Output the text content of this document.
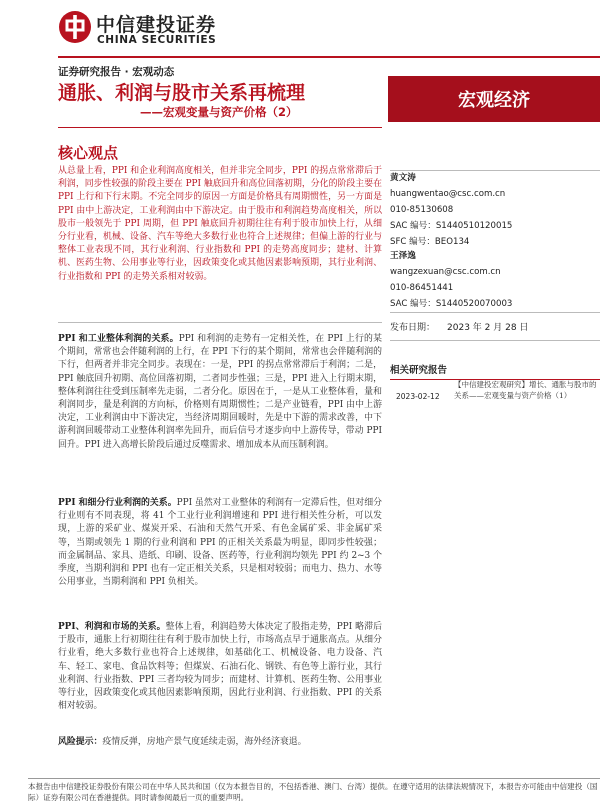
中信建投证券
CHINA SECURITIES
证券研究报告 · 宏观动态
通胀、利润与股市关系再梳理
——宏观变量与资产价格（2）
宏观经济
核心观点
从总量上看，PPI 和企业利润高度相关，但并非完全同步，PPI 的拐点常常滞后于利润，同步性较强的阶段主要在 PPI 触底回升和高位回落初期，分化的阶段主要在 PPI 上行和下行末期。不完全同步的原因一方面是价格具有周期惯性，另一方面是 PPI 由中上游决定，工业利润由中下游决定。由于股市和利润趋势高度相关，所以股市一般领先于 PPI 周期，但 PPI 触底回升初期往往有利于股市加快上行，从细分行业看，机械、设备、汽车等绝大多数行业也符合上述规律；但偏上游的行业与整体工业表现不同，其行业利润、行业指数和 PPI 的走势高度同步；建材、计算机、医药生物、公用事业等行业，因政策变化或其他因素影响预期，其行业利润、行业指数和 PPI 的走势关系相对较弱。
PPI 和工业整体利润的关系。PPI 和利润的走势有一定相关性，在 PPI 上行的某个期间，常常也会伴随利润的上行，在 PPI 下行的某个期间，常常也会伴随利润的下行，但两者并非完全同步。表现在：一是，PPI 的拐点常常滞后于利润；二是，PPI 触底回升初期、高位回落初期，二者同步性强；三是，PPI 进入上行期末期，整体利润往往受到压制率先走弱，二者分化。原因在于，一是从工业整体看，量和利润同步，量是利润的方向标，价格则有周期惯性；二是产业链看，PPI 由中上游决定，工业利润由中下游决定，当经济周期回暖时，先是中下游的需求改善，中下游利润回暖带动工业整体利润率先回升，而后信号才逐步向中上游传导，带动 PPI 回升。PPI 进入高增长阶段后通过反噬需求、增加成本从而压制利润。
PPI 和细分行业利润的关系。PPI 虽然对工业整体的利润有一定滞后性，但对细分行业则有不同表现，将 41 个工业行业利润增速和 PPI 进行相关性分析，可以发现，上游的采矿业、煤炭开采、石油和天然气开采、有色金属矿采、非金属矿采等，当期或领先 1 期的行业利润和 PPI 的正相关关系最为明显，即同步性较强；而金属制品、家具、造纸、印刷、设备、医药等，行业利润均领先 PPI 约 2~3 个季度，当期利润和 PPI 也有一定正相关关系，只是相对较弱；而电力、热力、水等公用事业，当期利润和 PPI 负相关。
PPI、利润和市场的关系。整体上看，利润趋势大体决定了股指走势，PPI 略滞后于股市，通胀上行初期往往有利于股市加快上行，市场高点早于通胀高点。从细分行业看，绝大多数行业也符合上述规律，如基础化工、机械设备、电力设备、汽车、轻工、家电、食品饮料等；但煤炭、石油石化、钢铁、有色等上游行业，其行业利润、行业指数、PPI 三者均较为同步；而建材、计算机、医药生物、公用事业等行业，因政策变化或其他因素影响预期，因此行业利润、行业指数、PPI 的关系相对较弱。
风险提示：疫情反弹，房地产景气度延续走弱，海外经济衰退。
黄文涛
huangwentao@csc.com.cn
010-85130608
SAC 编号：S1440510120015
SFC 编号：BEO134
王泽逸
wangzexuan@csc.com.cn
010-86451441
SAC 编号：S1440520070003
发布日期： 2023 年 2 月 28 日
相关研究报告
2023-02-12
【中信建投宏观研究】增长、通胀与股市的关系——宏观变量与资产价格（1）
本报告由中信建投证券股份有限公司在中华人民共和国（仅为本报告目的，不包括香港、澳门、台湾）提供。在遵守适用的法律法规情况下，本报告亦可能由中信建投（国际）证券有限公司在香港提供。同时请参阅最后一页的重要声明。
